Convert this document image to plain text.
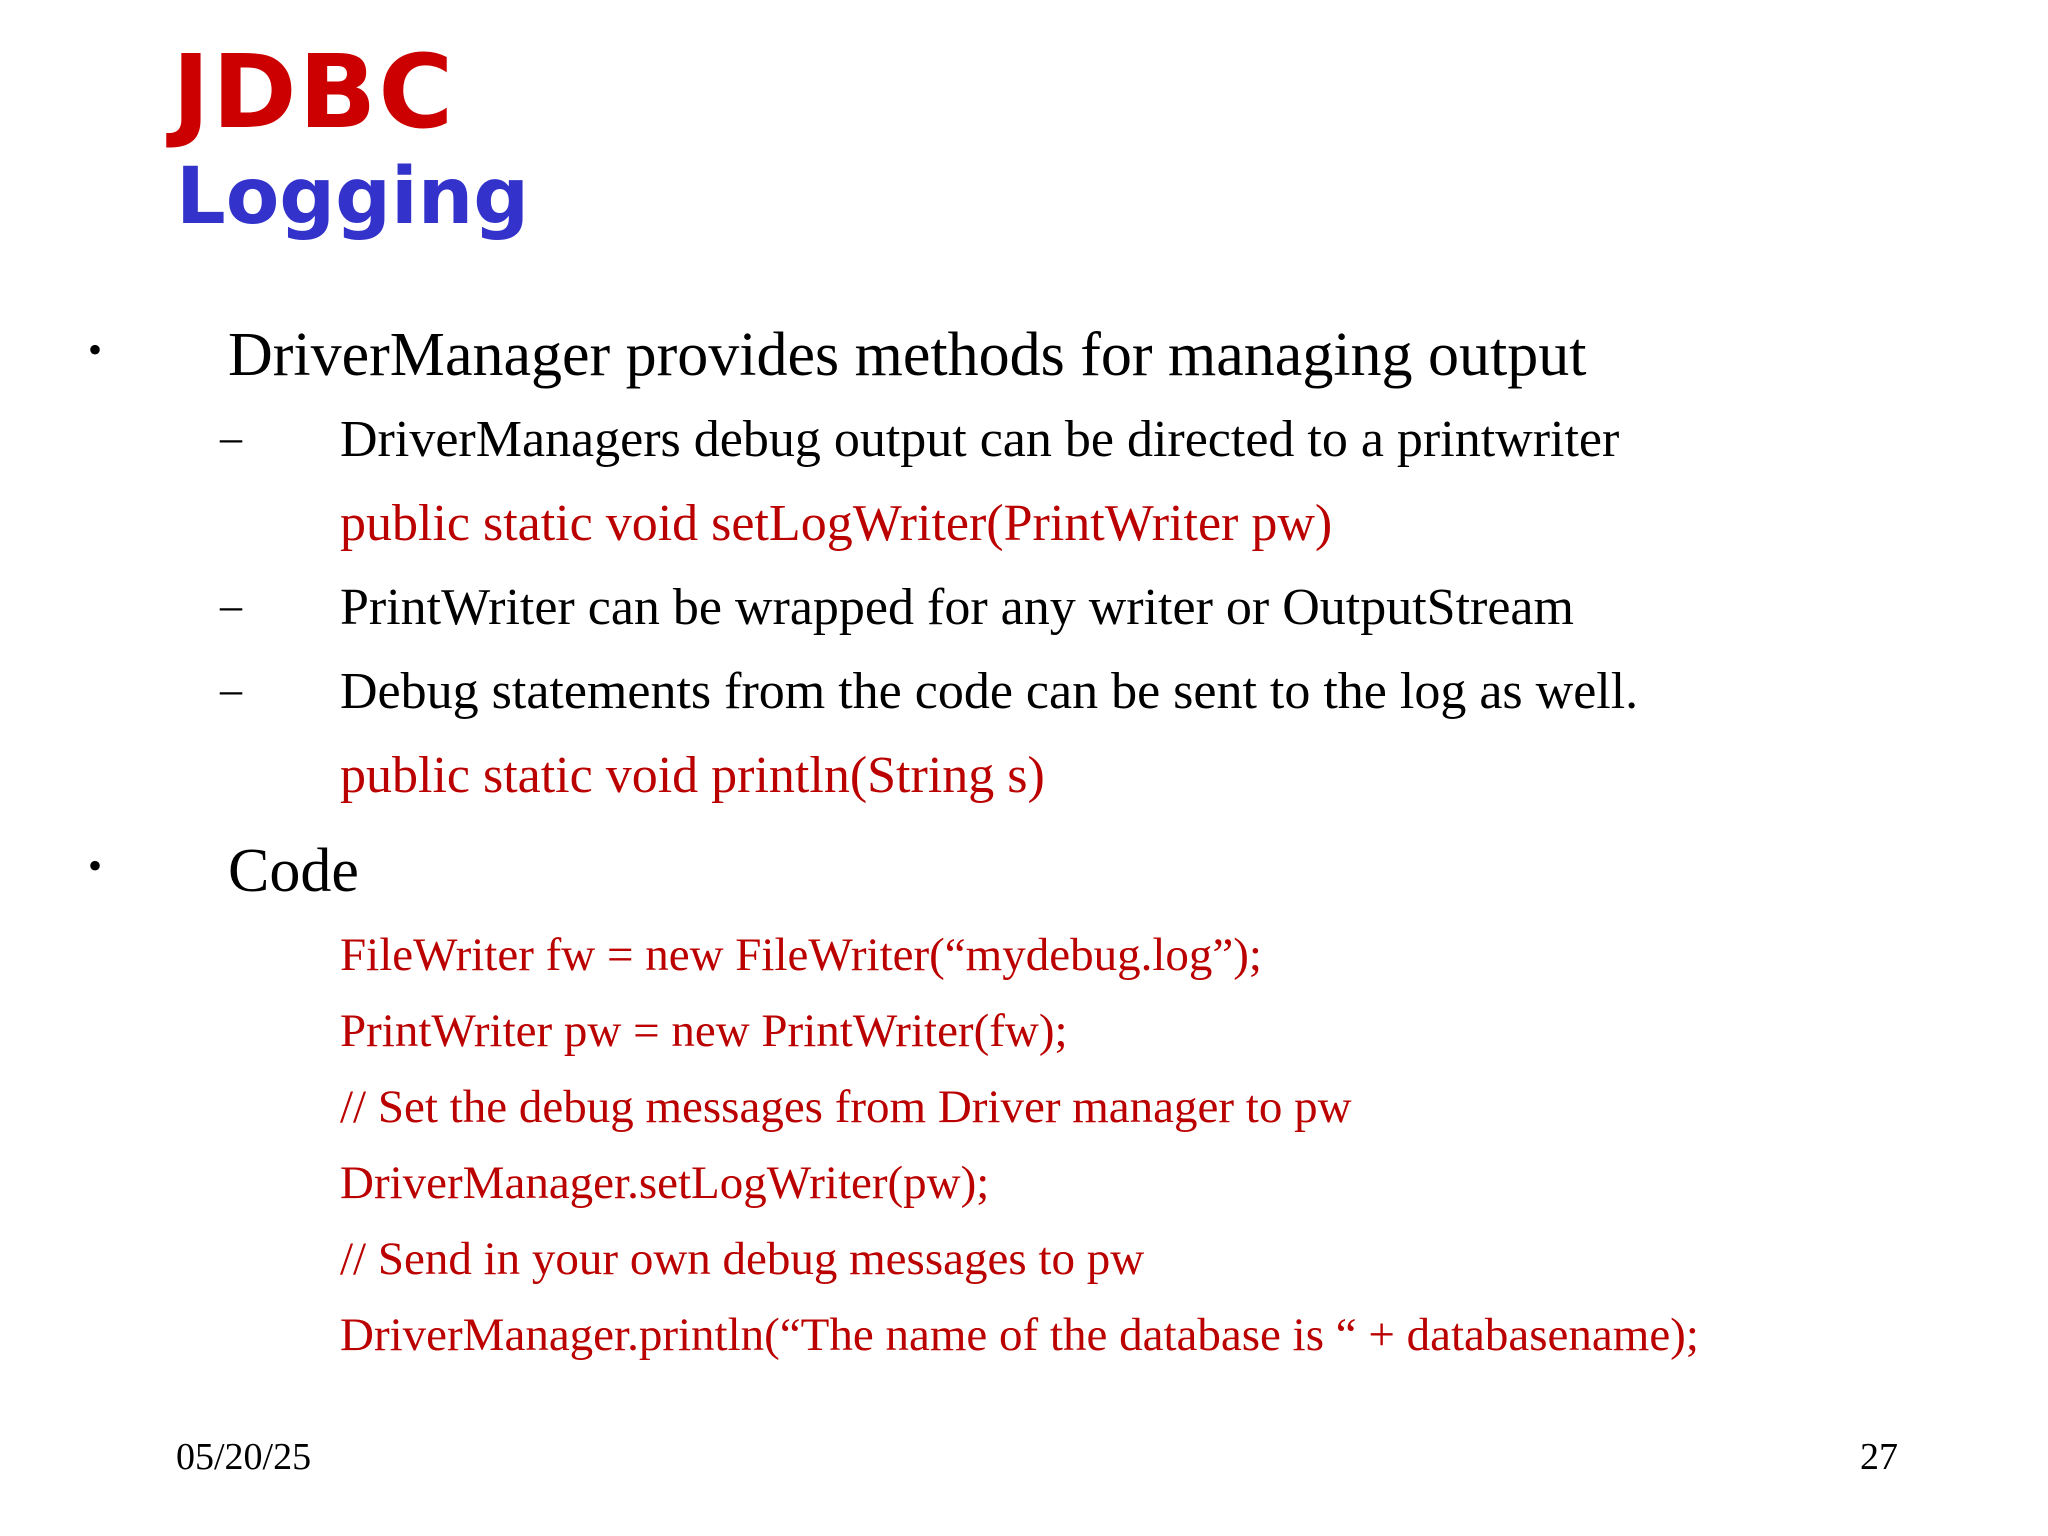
JDBC
Logging
• DriverManager provides methods for managing output
– DriverManagers debug output can be directed to a printwriter
public static void setLogWriter(PrintWriter pw)
– PrintWriter can be wrapped for any writer or OutputStream
– Debug statements from the code can be sent to the log as well.
public static void println(String s)
• Code
FileWriter fw = new FileWriter(“mydebug.log”);
PrintWriter pw = new PrintWriter(fw);
// Set the debug messages from Driver manager to pw
DriverManager.setLogWriter(pw);
// Send in your own debug messages to pw
DriverManager.println(“The name of the database is “ + databasename);
05/20/25	27
